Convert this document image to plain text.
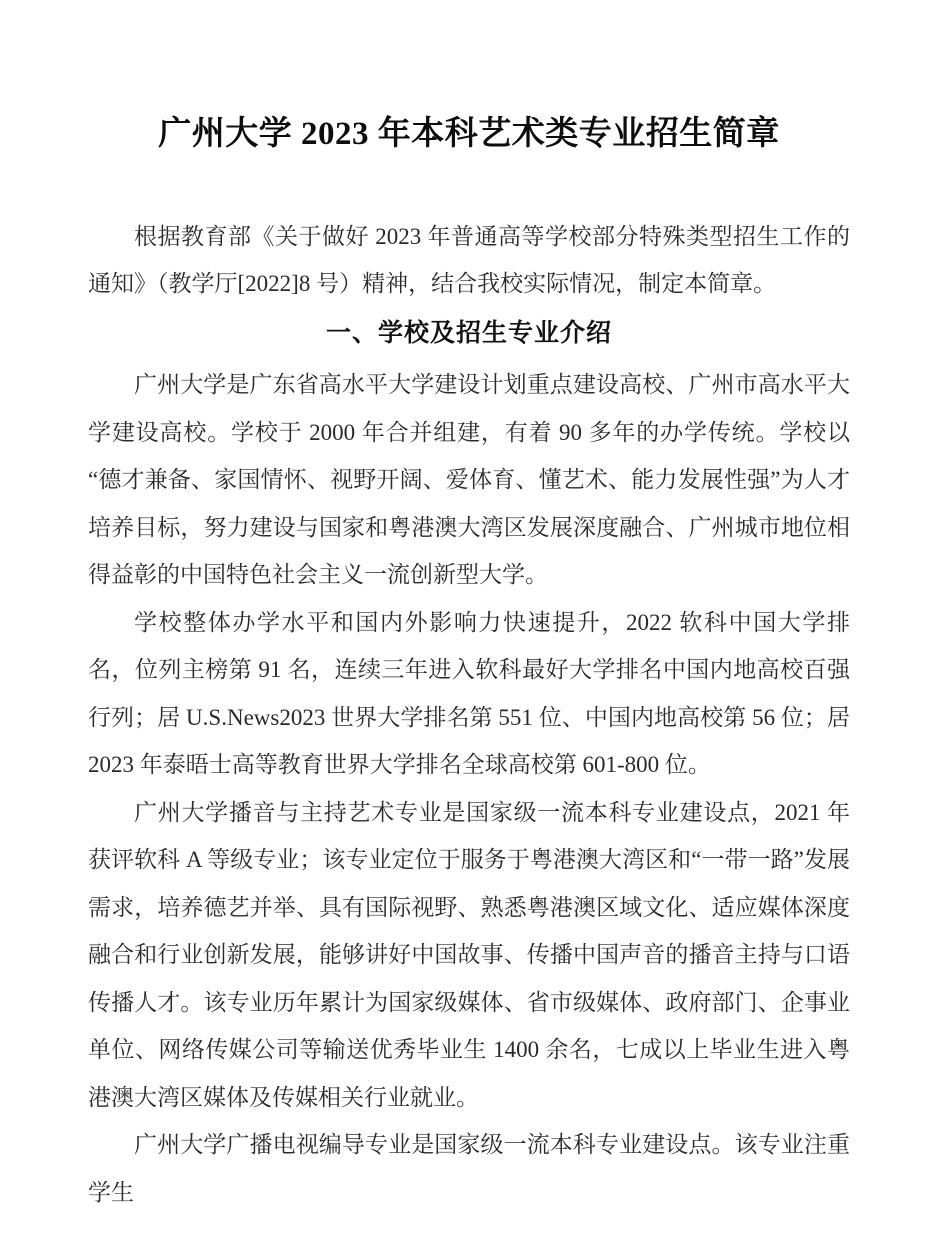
广州大学 2023 年本科艺术类专业招生简章

根据教育部《关于做好 2023 年普通高等学校部分特殊类型招生工作的通知》（教学厅[2022]8 号）精神，结合我校实际情况，制定本简章。

一、学校及招生专业介绍

广州大学是广东省高水平大学建设计划重点建设高校、广州市高水平大学建设高校。学校于 2000 年合并组建，有着 90 多年的办学传统。学校以“德才兼备、家国情怀、视野开阔、爱体育、懂艺术、能力发展性强”为人才培养目标，努力建设与国家和粤港澳大湾区发展深度融合、广州城市地位相得益彰的中国特色社会主义一流创新型大学。

学校整体办学水平和国内外影响力快速提升，2022 软科中国大学排名，位列主榜第 91 名，连续三年进入软科最好大学排名中国内地高校百强行列；居 U.S.News2023 世界大学排名第 551 位、中国内地高校第 56 位；居 2023 年泰晤士高等教育世界大学排名全球高校第 601-800 位。

广州大学播音与主持艺术专业是国家级一流本科专业建设点，2021 年获评软科 A 等级专业；该专业定位于服务于粤港澳大湾区和“一带一路”发展需求，培养德艺并举、具有国际视野、熟悉粤港澳区域文化、适应媒体深度融合和行业创新发展，能够讲好中国故事、传播中国声音的播音主持与口语传播人才。该专业历年累计为国家级媒体、省市级媒体、政府部门、企事业单位、网络传媒公司等输送优秀毕业生 1400 余名，七成以上毕业生进入粤港澳大湾区媒体及传媒相关行业就业。

广州大学广播电视编导专业是国家级一流本科专业建设点。该专业注重学生
